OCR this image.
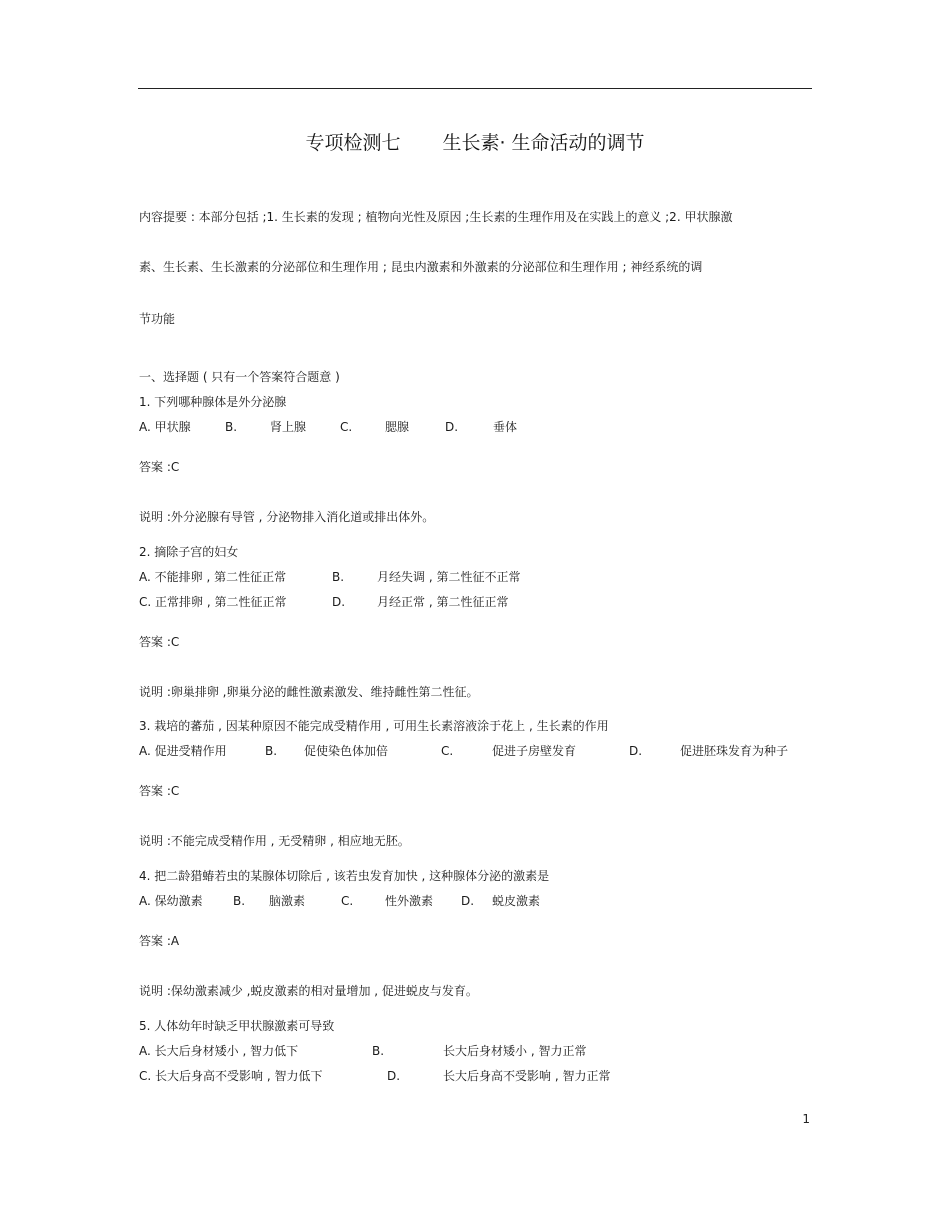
专项检测七 生长素· 生命活动的调节
内容提要 : 本部分包括 ;1. 生长素的发现 ; 植物向光性及原因 ;生长素的生理作用及在实践上的意义 ;2. 甲状腺激
素、生长素、生长激素的分泌部位和生理作用 ; 昆虫内激素和外激素的分泌部位和生理作用 ; 神经系统的调
节功能
一、选择题 ( 只有一个答案符合题意 )
1. 下列哪种腺体是外分泌腺
A. 甲状腺	B.	肾上腺	C.	腮腺	D.	垂体
答案 :C
说明 :外分泌腺有导管 , 分泌物排入消化道或排出体外。
2. 摘除子宫的妇女
A. 不能排卵 , 第二性征正常	B.	月经失调 , 第二性征不正常
C. 正常排卵 , 第二性征正常	D.	月经正常 , 第二性征正常
答案 :C
说明 :卵巢排卵 ,卵巢分泌的雌性激素激发、维持雌性第二性征。
3. 栽培的蕃茄 , 因某种原因不能完成受精作用 , 可用生长素溶液涂于花上 , 生长素的作用
A. 促进受精作用	B. 促使染色体加倍	C.	促进子房壁发育	D.	促进胚珠发育为种子
答案 :C
说明 :不能完成受精作用 , 无受精卵 , 相应地无胚。
4. 把二龄猎蝽若虫的某腺体切除后 , 该若虫发育加快 , 这种腺体分泌的激素是
A. 保幼激素	B. 脑激素	C.	性外激素 D. 蜕皮激素
答案 :A
说明 :保幼激素减少 ,蜕皮激素的相对量增加 , 促进蜕皮与发育。
5. 人体幼年时缺乏甲状腺激素可导致
A. 长大后身材矮小 , 智力低下	B.	长大后身材矮小 , 智力正常
C. 长大后身高不受影响 , 智力低下	D.	长大后身高不受影响 , 智力正常
1
